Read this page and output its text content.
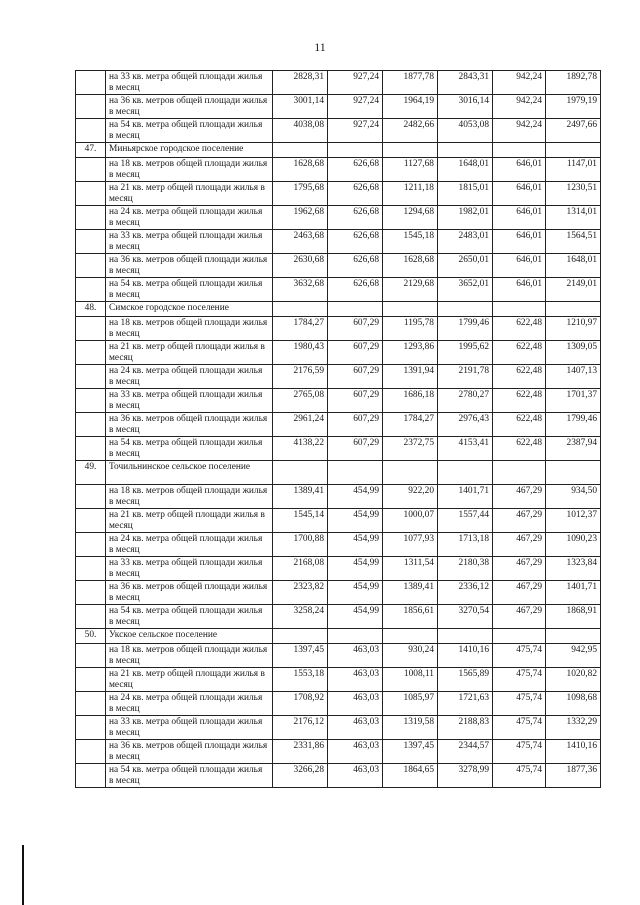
11
	на 33 кв. метра общей площади жилья в месяц	2828,31	927,24	1877,78	2843,31	942,24	1892,78
	на 36 кв. метров общей площади жилья в месяц	3001,14	927,24	1964,19	3016,14	942,24	1979,19
	на 54 кв. метра общей площади жилья в месяц	4038,08	927,24	2482,66	4053,08	942,24	2497,66
47.	Миньярское городское поселение						
	на 18 кв. метров общей площади жилья в месяц	1628,68	626,68	1127,68	1648,01	646,01	1147,01
	на 21 кв. метр общей площади жилья в месяц	1795,68	626,68	1211,18	1815,01	646,01	1230,51
	на 24 кв. метра общей площади жилья в месяц	1962,68	626,68	1294,68	1982,01	646,01	1314,01
	на 33 кв. метра общей площади жилья в месяц	2463,68	626,68	1545,18	2483,01	646,01	1564,51
	на 36 кв. метров общей площади жилья в месяц	2630,68	626,68	1628,68	2650,01	646,01	1648,01
	на 54 кв. метра общей площади жилья в месяц	3632,68	626,68	2129,68	3652,01	646,01	2149,01
48.	Симское городское поселение						
	на 18 кв. метров общей площади жилья в месяц	1784,27	607,29	1195,78	1799,46	622,48	1210,97
	на 21 кв. метр общей площади жилья в месяц	1980,43	607,29	1293,86	1995,62	622,48	1309,05
	на 24 кв. метра общей площади жилья в месяц	2176,59	607,29	1391,94	2191,78	622,48	1407,13
	на 33 кв. метра общей площади жилья в месяц	2765,08	607,29	1686,18	2780,27	622,48	1701,37
	на 36 кв. метров общей площади жилья в месяц	2961,24	607,29	1784,27	2976,43	622,48	1799,46
	на 54 кв. метра общей площади жилья в месяц	4138,22	607,29	2372,75	4153,41	622,48	2387,94
49.	Точильнинское сельское поселение						
	на 18 кв. метров общей площади жилья в месяц	1389,41	454,99	922,20	1401,71	467,29	934,50
	на 21 кв. метр общей площади жилья в месяц	1545,14	454,99	1000,07	1557,44	467,29	1012,37
	на 24 кв. метра общей площади жилья в месяц	1700,88	454,99	1077,93	1713,18	467,29	1090,23
	на 33 кв. метра общей площади жилья в месяц	2168,08	454,99	1311,54	2180,38	467,29	1323,84
	на 36 кв. метров общей площади жилья в месяц	2323,82	454,99	1389,41	2336,12	467,29	1401,71
	на 54 кв. метра общей площади жилья в месяц	3258,24	454,99	1856,61	3270,54	467,29	1868,91
50.	Укское сельское поселение						
	на 18 кв. метров общей площади жилья в месяц	1397,45	463,03	930,24	1410,16	475,74	942,95
	на 21 кв. метр общей площади жилья в месяц	1553,18	463,03	1008,11	1565,89	475,74	1020,82
	на 24 кв. метра общей площади жилья в месяц	1708,92	463,03	1085,97	1721,63	475,74	1098,68
	на 33 кв. метра общей площади жилья в месяц	2176,12	463,03	1319,58	2188,83	475,74	1332,29
	на 36 кв. метров общей площади жилья в месяц	2331,86	463,03	1397,45	2344,57	475,74	1410,16
	на 54 кв. метра общей площади жилья в месяц	3266,28	463,03	1864,65	3278,99	475,74	1877,36
